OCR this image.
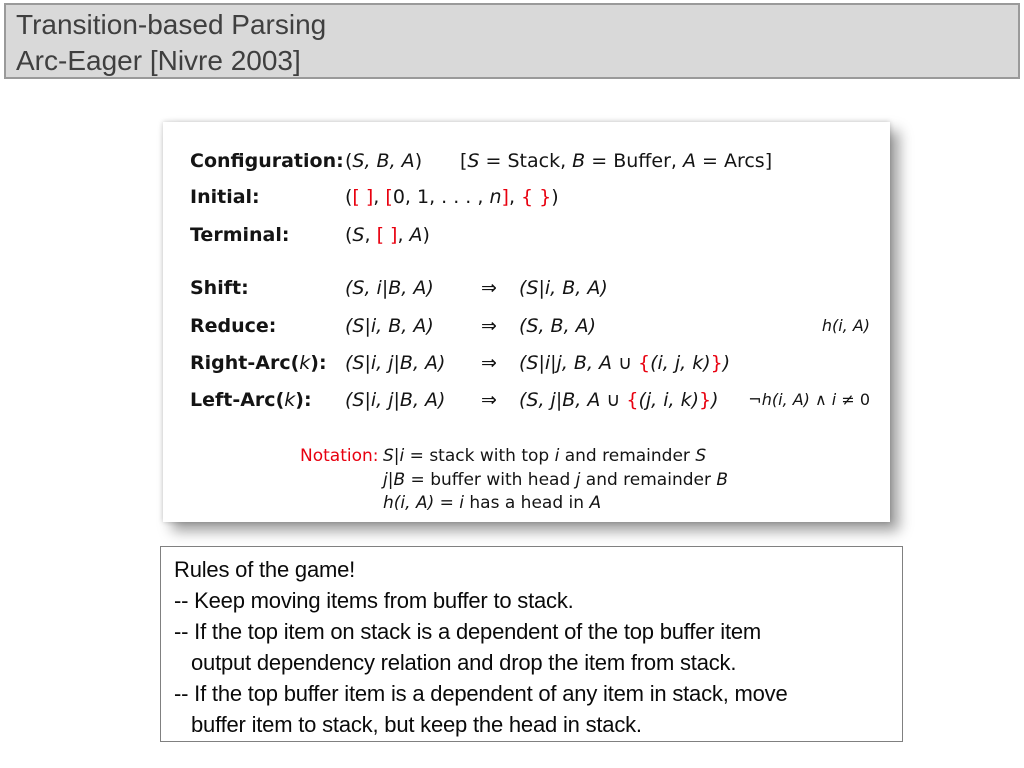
Transition-based Parsing
Arc-Eager [Nivre 2003]
Configuration: (S, B, A) [S = Stack, B = Buffer, A = Arcs]
Initial:	([ ], [0, 1, . . . , n], { })
Terminal:	(S, [ ], A)
Shift:	(S, i|B, A)	⇒	(S|i, B, A)
Reduce:	(S|i, B, A)	⇒	(S, B, A)	h(i, A)
Right-Arc(k): (S|i, j|B, A)	⇒	(S|i|j, B, A ∪ {(i, j, k)})
Left-Arc(k): (S|i, j|B, A)	⇒	(S, j|B, A ∪ {(j, i, k)}) ¬h(i, A) ∧ i ≠ 0
Notation: S|i = stack with top i and remainder S
j|B = buffer with head j and remainder B
h(i, A) = i has a head in A
Rules of the game!
-- Keep moving items from buffer to stack.
-- If the top item on stack is a dependent of the top buffer item
output dependency relation and drop the item from stack.
-- If the top buffer item is a dependent of any item in stack, move
buffer item to stack, but keep the head in stack.
